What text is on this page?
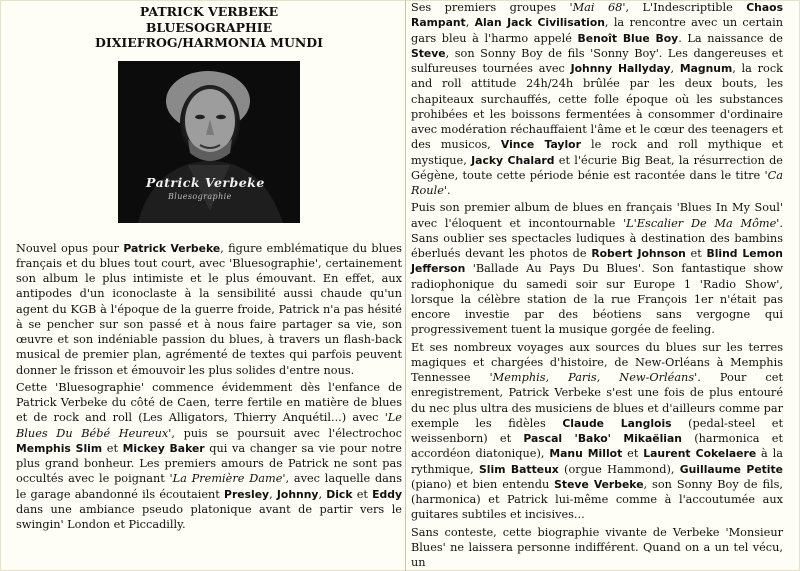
PATRICK VERBEKE
BLUESOGRAPHIE
DIXIEFROG/HARMONIA MUNDI
Patrick Verbeke
Bluesographie

Nouvel opus pour Patrick Verbeke, figure emblématique du blues français et du blues tout court, avec 'Bluesographie', certainement son album le plus intimiste et le plus émouvant. En effet, aux antipodes d'un iconoclaste à la sensibilité aussi chaude qu'un agent du KGB à l'époque de la guerre froide, Patrick n'a pas hésité à se pencher sur son passé et à nous faire partager sa vie, son œuvre et son indéniable passion du blues, à travers un flash-back musical de premier plan, agrémenté de textes qui parfois peuvent donner le frisson et émouvoir les plus solides d'entre nous.

Cette 'Bluesographie' commence évidemment dès l'enfance de Patrick Verbeke du côté de Caen, terre fertile en matière de blues et de rock and roll (Les Alligators, Thierry Anquétil...) avec 'Le Blues Du Bébé Heureux', puis se poursuit avec l'électrochoc Memphis Slim et Mickey Baker qui va changer sa vie pour notre plus grand bonheur. Les premiers amours de Patrick ne sont pas occultés avec le poignant 'La Première Dame', avec laquelle dans le garage abandonné ils écoutaient Presley, Johnny, Dick et Eddy dans une ambiance pseudo platonique avant de partir vers le swingin' London et Piccadilly.

Ses premiers groupes 'Mai 68', L'Indescriptible Chaos Rampant, Alan Jack Civilisation, la rencontre avec un certain gars bleu à l'harmo appelé Benoît Blue Boy. La naissance de Steve, son Sonny Boy de fils 'Sonny Boy'. Les dangereuses et sulfureuses tournées avec Johnny Hallyday, Magnum, la rock and roll attitude 24h/24h brûlée par les deux bouts, les chapiteaux surchauffés, cette folle époque où les substances prohibées et les boissons fermentées à consommer d'ordinaire avec modération réchauffaient l'âme et le cœur des teenagers et des musicos, Vince Taylor le rock and roll mythique et mystique, Jacky Chalard et l'écurie Big Beat, la résurrection de Gégène, toute cette période bénie est racontée dans le titre 'Ca Roule'.

Puis son premier album de blues en français 'Blues In My Soul' avec l'éloquent et incontournable 'L'Escalier De Ma Môme'. Sans oublier ses spectacles ludiques à destination des bambins éberlués devant les photos de Robert Johnson et Blind Lemon Jefferson 'Ballade Au Pays Du Blues'. Son fantastique show radiophonique du samedi soir sur Europe 1 'Radio Show', lorsque la célèbre station de la rue François 1er n'était pas encore investie par des béotiens sans vergogne qui progressivement tuent la musique gorgée de feeling.

Et ses nombreux voyages aux sources du blues sur les terres magiques et chargées d'histoire, de New-Orléans à Memphis Tennessee 'Memphis, Paris, New-Orléans'. Pour cet enregistrement, Patrick Verbeke s'est une fois de plus entouré du nec plus ultra des musiciens de blues et d'ailleurs comme par exemple les fidèles Claude Langlois (pedal-steel et weissenborn) et Pascal 'Bako' Mikaëlian (harmonica et accordéon diatonique), Manu Millot et Laurent Cokelaere à la rythmique, Slim Batteux (orgue Hammond), Guillaume Petite (piano) et bien entendu Steve Verbeke, son Sonny Boy de fils, (harmonica) et Patrick lui-même comme à l'accoutumée aux guitares subtiles et incisives...

Sans conteste, cette biographie vivante de Verbeke 'Monsieur Blues' ne laissera personne indifférent. Quand on a un tel vécu, un
